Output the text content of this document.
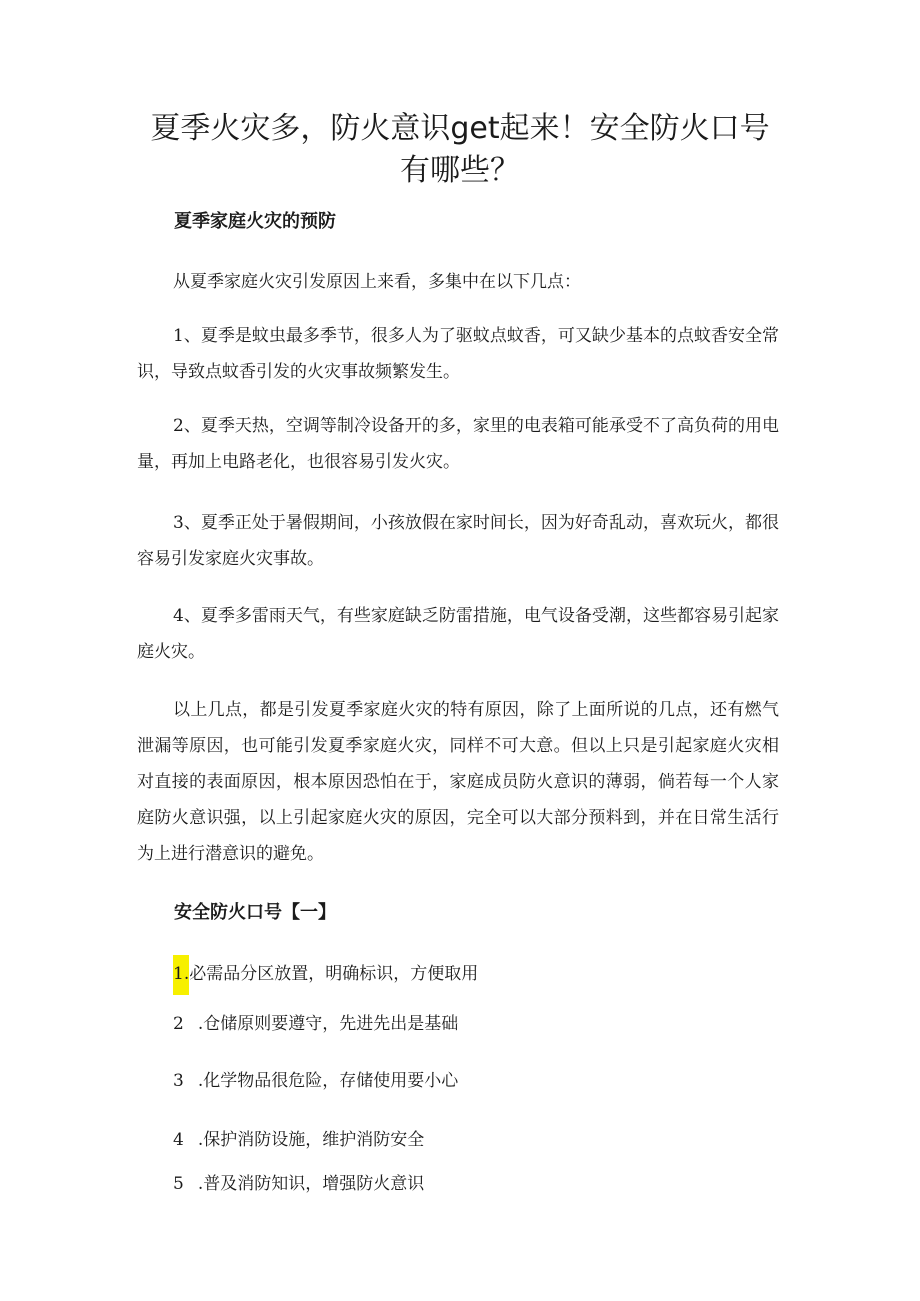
夏季火灾多，防火意识get起来！安全防火口号有哪些？
夏季家庭火灾的预防

从夏季家庭火灾引发原因上来看，多集中在以下几点：

1、夏季是蚊虫最多季节，很多人为了驱蚊点蚊香，可又缺少基本的点蚊香安全常识，导致点蚊香引发的火灾事故频繁发生。

2、夏季天热，空调等制冷设备开的多，家里的电表箱可能承受不了高负荷的用电量，再加上电路老化，也很容易引发火灾。

3、夏季正处于暑假期间，小孩放假在家时间长，因为好奇乱动，喜欢玩火，都很容易引发家庭火灾事故。

4、夏季多雷雨天气，有些家庭缺乏防雷措施，电气设备受潮，这些都容易引起家庭火灾。

以上几点，都是引发夏季家庭火灾的特有原因，除了上面所说的几点，还有燃气泄漏等原因，也可能引发夏季家庭火灾，同样不可大意。但以上只是引起家庭火灾相对直接的表面原因，根本原因恐怕在于，家庭成员防火意识的薄弱，倘若每一个人家庭防火意识强，以上引起家庭火灾的原因，完全可以大部分预料到，并在日常生活行为上进行潜意识的避免。

安全防火口号【一】

1.必需品分区放置，明确标识，方便取用

2 .仓储原则要遵守，先进先出是基础

3 .化学物品很危险，存储使用要小心

4 .保护消防设施，维护消防安全

5 .普及消防知识，增强防火意识
